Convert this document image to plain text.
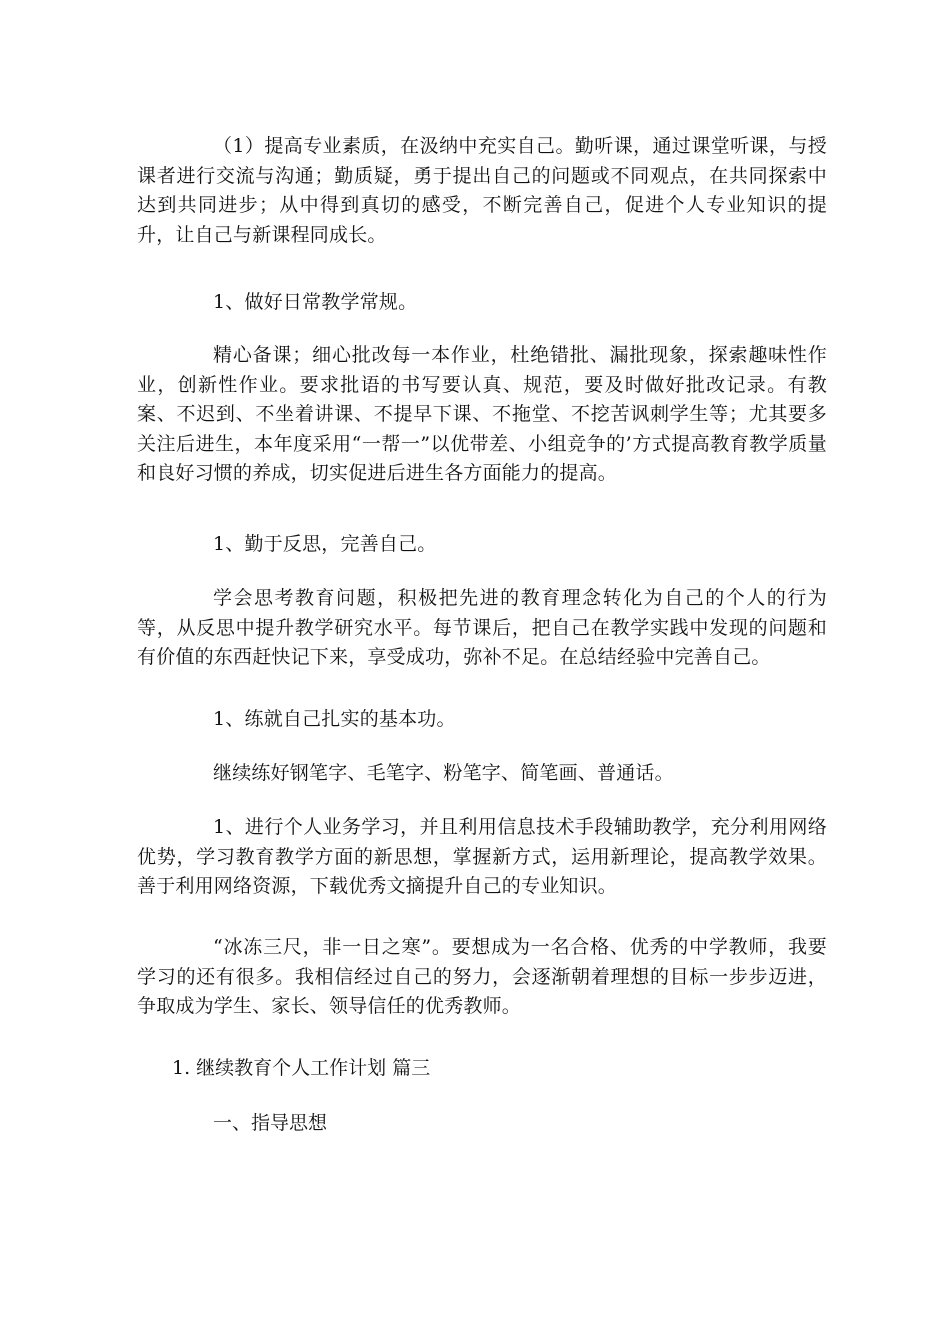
（1）提高专业素质，在汲纳中充实自己。勤听课，通过课堂听课，与授课者进行交流与沟通；勤质疑，勇于提出自己的问题或不同观点，在共同探索中达到共同进步；从中得到真切的感受，不断完善自己，促进个人专业知识的提升，让自己与新课程同成长。

1、做好日常教学常规。

精心备课；细心批改每一本作业，杜绝错批、漏批现象，探索趣味性作业，创新性作业。要求批语的书写要认真、规范，要及时做好批改记录。有教案、不迟到、不坐着讲课、不提早下课、不拖堂、不挖苦讽刺学生等；尤其要多关注后进生，本年度采用“一帮一”以优带差、小组竞争的’方式提高教育教学质量和良好习惯的养成，切实促进后进生各方面能力的提高。

1、勤于反思，完善自己。

学会思考教育问题，积极把先进的教育理念转化为自己的个人的行为等，从反思中提升教学研究水平。每节课后，把自己在教学实践中发现的问题和有价值的东西赶快记下来，享受成功，弥补不足。在总结经验中完善自己。

1、练就自己扎实的基本功。

继续练好钢笔字、毛笔字、粉笔字、简笔画、普通话。

1、进行个人业务学习，并且利用信息技术手段辅助教学，充分利用网络优势，学习教育教学方面的新思想，掌握新方式，运用新理论，提高教学效果。善于利用网络资源，下载优秀文摘提升自己的专业知识。

“冰冻三尺，非一日之寒”。要想成为一名合格、优秀的中学教师，我要学习的还有很多。我相信经过自己的努力，会逐渐朝着理想的目标一步步迈进，争取成为学生、家长、领导信任的优秀教师。

1. 继续教育个人工作计划 篇三

一、指导思想
